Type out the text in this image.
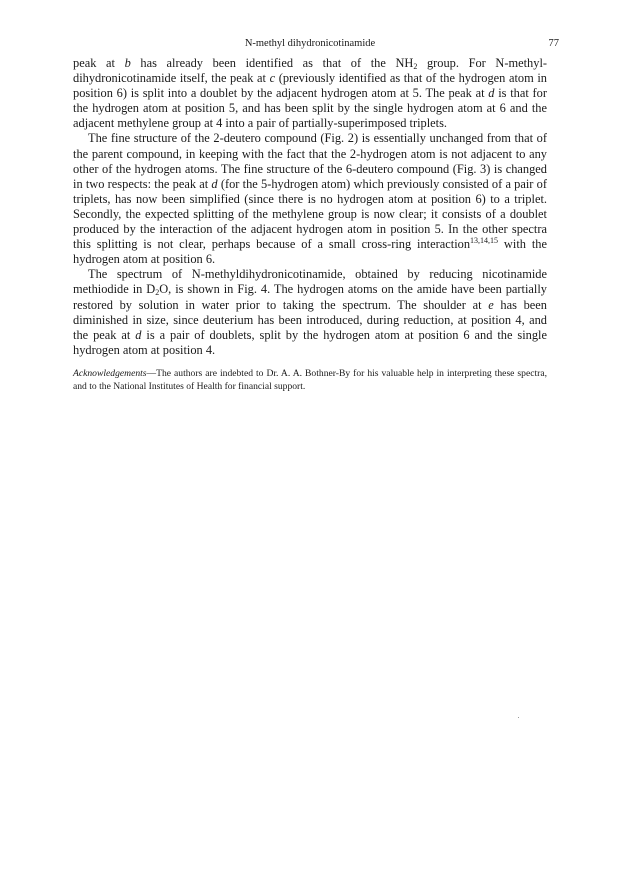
N-methyl dihydronicotinamide	77

peak at b has already been identified as that of the $NH_2$ group. For N-methyl-dihydronicotinamide itself, the peak at c (previously identified as that of the hydrogen atom in position 6) is split into a doublet by the adjacent hydrogen atom at 5. The peak at d is that for the hydrogen atom at position 5, and has been split by the single hydrogen atom at 6 and the adjacent methylene group at 4 into a pair of partially-superimposed triplets.

The fine structure of the 2-deutero compound (Fig. 2) is essentially unchanged from that of the parent compound, in keeping with the fact that the 2-hydrogen atom is not adjacent to any other of the hydrogen atoms. The fine structure of the 6-deutero compound (Fig. 3) is changed in two respects: the peak at d (for the 5-hydrogen atom) which previously consisted of a pair of triplets, has now been simplified (since there is no hydrogen atom at position 6) to a triplet. Secondly, the expected splitting of the methylene group is now clear; it consists of a doublet produced by the interaction of the adjacent hydrogen atom in position 5. In the other spectra this splitting is not clear, perhaps because of a small cross-ring interaction$^{13,14,15}$ with the hydrogen atom at position 6.

The spectrum of N-methyldihydronicotinamide, obtained by reducing nicotinamide methiodide in $D_2O$, is shown in Fig. 4. The hydrogen atoms on the amide have been partially restored by solution in water prior to taking the spectrum. The shoulder at e has been diminished in size, since deuterium has been introduced, during reduction, at position 4, and the peak at d is a pair of doublets, split by the hydrogen atom at position 6 and the single hydrogen atom at position 4.

Acknowledgements—The authors are indebted to Dr. A. A. Bothner-By for his valuable help in interpreting these spectra, and to the National Institutes of Health for financial support.
